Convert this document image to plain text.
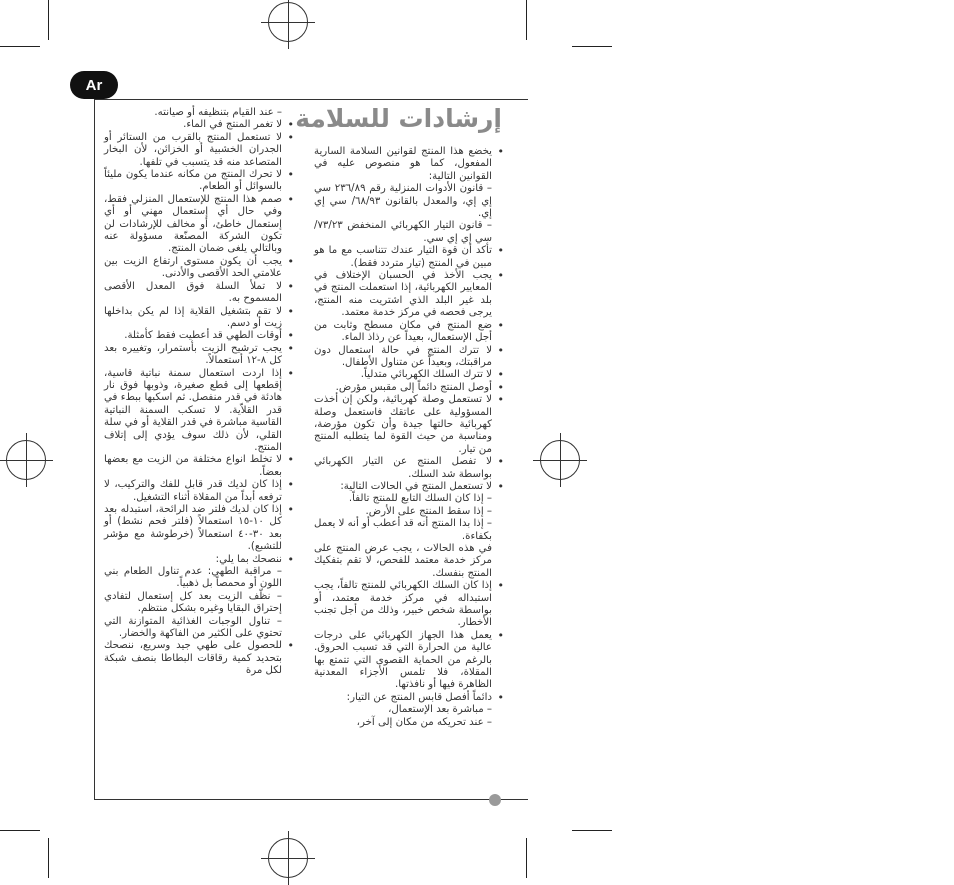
Ar
إرشادات للسلامة
• يخضع هذا المنتج لقوانين السلامة السارية المفعول، كما هو منصوص عليه في القوانين التالية:
– قانون الأدوات المنزلية رقم ٢٣٦/٨٩ سي إي إي، والمعدل بالقانون ٦٨/٩٣/ سي إي إي.
– قانون التيار الكهربائي المنخفض ٧٣/٢٣/سي إي إي سي.
• تأكد أن قوة التيار عندك تتناسب مع ما هو مبين في المنتج (تيار متردد فقط).
• يجب الأخذ في الحسبان الإختلاف في المعايير الكهربائية، إذا استعملت المنتج في بلد غير البلد الذي اشتريت منه المنتج، يرجى فحصه في مركز خدمة معتمد.
• ضع المنتج في مكان مسطح وثابت من أجل الإستعمال، بعيداً عن رذاذ الماء.
• لا تترك المنتج في حالة استعمال دون مراقبتك، وبعيداً عن متناول الأطفال.
• لا تترك السلك الكهربائي متدلياً.
• أوصل المنتج دائماً إلى مقبس مؤرض.
• لا تستعمل وصلة كهربائية، ولكن إن أخذت المسؤولية على عاتقك فاستعمل وصلة كهربائية حالتها جيدة وأن تكون مؤرضة، ومناسبة من حيث القوة لما يتطلبه المنتج من تيار.
• لا تفصل المنتج عن التيار الكهربائي بواسطة شد السلك.
• لا تستعمل المنتج في الحالات التالية:
– إذا كان السلك التابع للمنتج تالفاً.
– إذا سقط المنتج على الأرض.
– إذا بدا المنتج أنه قد أعطب أو أنه لا يعمل بكفاءة.
في هذه الحالات ، يجب عرض المنتج على مركز خدمة معتمد للفحص، لا تقم بتفكيك المنتج بنفسك.
• إذا كان السلك الكهربائي للمنتج تالفاً، يجب استبداله في مركز خدمة معتمد، أو بواسطة شخص خبير، وذلك من أجل تجنب الأخطار.
• يعمل هذا الجهاز الكهربائي على درجات عالية من الحرارة التي قد تسبب الحروق. بالرغم من الحماية القصوى التي تتمتع بها المقلاة، فلا تلمس الأجزاء المعدنية الظاهرة فيها أو نافذتها.
• دائماً أفصل قابس المنتج عن التيار:
– مباشرة بعد الإستعمال،
– عند تحريكه من مكان إلى آخر،
– عند القيام بتنظيفه أو صيانته.
• لا تغمر المنتج في الماء.
• لا تستعمل المنتج بالقرب من الستائر أو الجدران الخشبية أو الخزائن، لأن البخار المتصاعد منه قد يتسبب في تلفها.
• لا تحرك المنتج من مكانه عندما يكون مليئاً بالسوائل أو الطعام.
• صمم هذا المنتج للإستعمال المنزلي فقط، وفي حال أي إستعمال مهني أو أي إستعمال خاطئ، أو مخالف للإرشادات لن تكون الشركة المصنّعة مسؤولة عنه وبالتالي يلغى ضمان المنتج.
• يجب أن يكون مستوى ارتفاع الزيت بين علامتي الحد الأقصى والأدنى.
• لا تملأ السلة فوق المعدل الأقصى المسموح به.
• لا تقم بتشغيل القلاية إذا لم يكن بداخلها زيت أو دسم.
• أوقات الطهي قد أعطيت فقط كأمثلة.
• يجب ترشيح الزيت بأستمرار، وتغييره بعد كل ٨-١٢ أستعمالاً.
• إذا اردت استعمال سمنة نباتية قاسية، إقطعها إلى قطع صغيرة، وذوبها فوق نار هادئة في قدر منفصل. ثم اسكبها ببطء في قدر القلاّية. لا تسكب السمنة النباتية القاسية مباشرة في قدر القلاية أو في سلة القلي، لأن ذلك سوف يؤدي إلى إتلاف المنتج.
• لا تخلط انواع مختلفة من الزيت مع بعضها بعضاً.
• إذا كان لديك قدر قابل للفك والتركيب، لا ترفعه أبداً من المقلاة أثناء التشغيل.
• إذا كان لديك فلتر ضد الرائحة، استبدله بعد كل ١٠-١٥ استعمالاً (فلتر فحم نشط) أو بعد ٣٠-٤٠ استعمالاً (خرطوشة مع مؤشر للتشبع).
• ننصحك بما يلي:
– مراقبة الطهي: عدم تناول الطعام بني اللون أو محمصاً بل ذهبياً.
– نظّف الزيت بعد كل إستعمال لتفادي إحتراق البقايا وغيره بشكل منتظم.
– تناول الوجبات الغذائية المتوازنة التي تحتوي على الكثير من الفاكهة والخضار.
• للحصول على طهي جيد وسريع، ننصحك بتحديد كمية رقاقات البطاطا بنصف شبكة لكل مرة
